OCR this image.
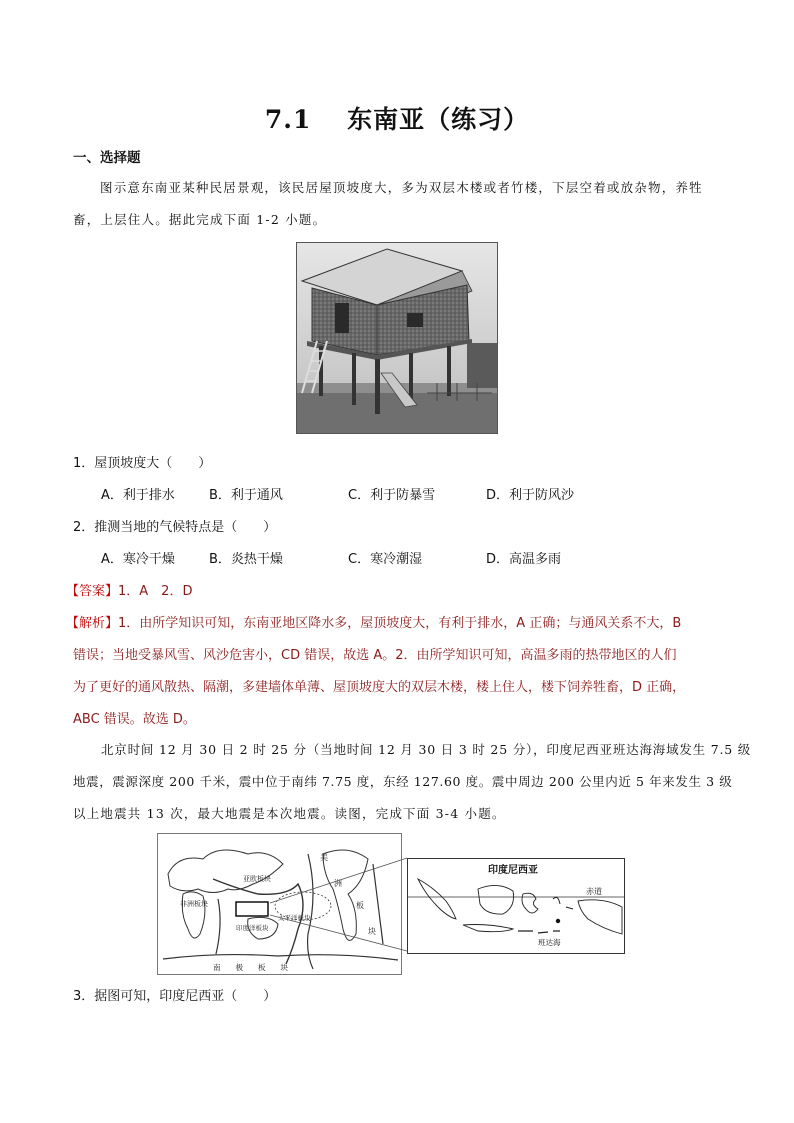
7.1　 东南亚（练习）
一、选择题
图示意东南亚某种民居景观，该民居屋顶坡度大，多为双层木楼或者竹楼，下层空着或放杂物，养牲
畜，上层住人。据此完成下面 1-2 小题。
1．屋顶坡度大（　　）
A．利于排水	B．利于通风	C．利于防暴雪	D．利于防风沙
2．推测当地的气候特点是（　　）
A．寒冷干燥	B．炎热干燥	C．寒冷潮湿	D．高温多雨
【答案】1．A　2．D
【解析】1．由所学知识可知，东南亚地区降水多，屋顶坡度大，有利于排水，A 正确；与通风关系不大，B
错误；当地受暴风雪、风沙危害小，CD 错误，故选 A。2．由所学知识可知，高温多雨的热带地区的人们
为了更好的通风散热、隔潮，多建墙体单薄、屋顶坡度大的双层木楼，楼上住人，楼下饲养牲畜，D 正确，
ABC 错误。故选 D。
北京时间 12 月 30 日 2 时 25 分（当地时间 12 月 30 日 3 时 25 分），印度尼西亚班达海海域发生 7.5 级
地震，震源深度 200 千米，震中位于南纬 7.75 度，东经 127.60 度。震中周边 200 公里内近 5 年来发生 3 级
以上地震共 13 次，最大地震是本次地震。读图，完成下面 3-4 小题。
亚欧板块
非洲板块
印度洋板块
太平洋板块
美
洲
板
块
南　　极　　板　　块
印度尼西亚
赤道
班达海
3．据图可知，印度尼西亚（　　）
